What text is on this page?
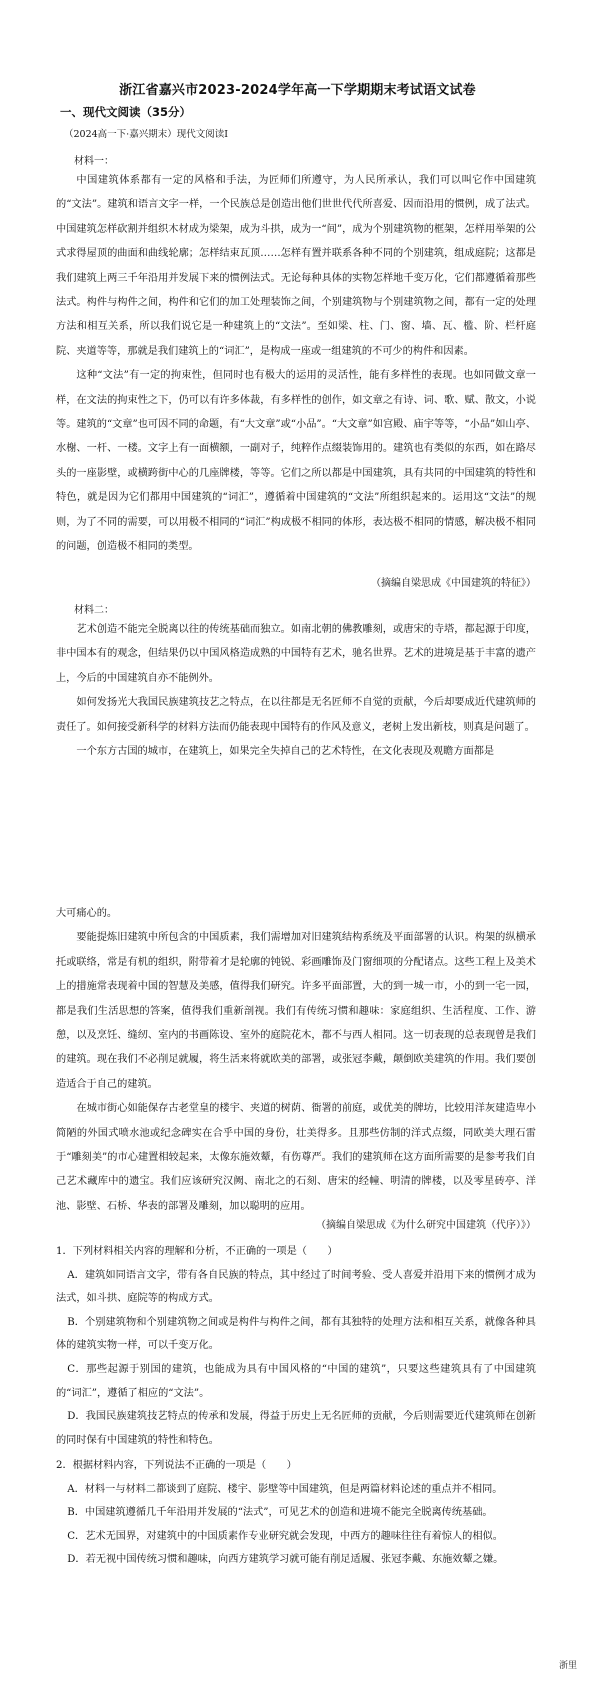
浙江省嘉兴市2023-2024学年高一下学期期末考试语文试卷
一、现代文阅读（35分）
（2024高一下·嘉兴期末）现代文阅读I
材料一：

中国建筑体系都有一定的风格和手法，为匠师们所遵守，为人民所承认，我们可以叫它作中国建筑的“文法”。建筑和语言文字一样，一个民族总是创造出他们世世代代所喜爱、因而沿用的惯例，成了法式。中国建筑怎样砍割并组织木材成为梁架，成为斗拱，成为一“间”，成为个别建筑物的框架，怎样用举架的公式求得屋顶的曲面和曲线轮廓；怎样结束瓦顶……怎样有置并联系各种不同的个别建筑，组成庭院；这都是我们建筑上两三千年沿用并发展下来的惯例法式。无论每种具体的实物怎样地千变万化，它们都遵循着那些法式。构件与构件之间，构件和它们的加工处理装饰之间，个别建筑物与个别建筑物之间，都有一定的处理方法和相互关系，所以我们说它是一种建筑上的“文法”。至如梁、柱、门、窗、墙、瓦、槛、阶、栏杆庭院、夹道等等，那就是我们建筑上的“词汇”，是构成一座或一组建筑的不可少的构件和因素。

这种“文法”有一定的拘束性，但同时也有极大的运用的灵活性，能有多样性的表现。也如同做文章一样，在文法的拘束性之下，仍可以有许多体裁，有多样性的创作，如文章之有诗、词、歌、赋、散文，小说等。建筑的“文章”也可因不同的命题，有“大文章”或“小品”。“大文章”如宫殿、庙宇等等，“小品”如山亭、水榭、一杆、一楼。文字上有一面横额，一副对子，纯粹作点缀装饰用的。建筑也有类似的东西，如在路尽头的一座影壁，或横跨街中心的几座牌楼，等等。它们之所以都是中国建筑，具有共同的中国建筑的特性和特色，就是因为它们都用中国建筑的“词汇”，遵循着中国建筑的“文法”所组织起来的。运用这“文法”的规则，为了不同的需要，可以用极不相同的“词汇”构成极不相同的体形，表达极不相同的情感，解决极不相同的问题，创造极不相同的类型。

（摘编自梁思成《中国建筑的特征》）
材料二：

艺术创造不能完全脱离以往的传统基础而独立。如南北朝的佛教雕刻，或唐宋的寺塔，都起源于印度，非中国本有的观念，但结果仍以中国风格造成熟的中国特有艺术，驰名世界。艺术的进境是基于丰富的遗产上，今后的中国建筑自亦不能例外。

如何发扬光大我国民族建筑技艺之特点，在以往都是无名匠师不自觉的贡献，今后却要成近代建筑师的责任了。如何接受新科学的材料方法而仍能表现中国特有的作风及意义，老树上发出新枝，则真是问题了。

一个东方古国的城市，在建筑上，如果完全失掉自己的艺术特性，在文化表现及观瞻方面都是

大可痛心的。

要能提炼旧建筑中所包含的中国质素，我们需增加对旧建筑结构系统及平面部署的认识。构架的纵横承托或联络，常是有机的组织，附带着才是轮廓的钝锐、彩画雕饰及门窗细项的分配诸点。这些工程上及美术上的措施常表现着中国的智慧及美感，值得我们研究。许多平面部置，大的到一城一市，小的到一宅一园，都是我们生活思想的答案，值得我们重新剖视。我们有传统习惯和趣味：家庭组织、生活程度、工作、游憩，以及烹饪、缝纫、室内的书画陈设、室外的庭院花木，都不与西人相同。这一切表现的总表现曾是我们的建筑。现在我们不必削足就履，将生活来将就欧美的部署，或张冠李戴，颠倒欧美建筑的作用。我们要创造适合于自己的建筑。

在城市街心如能保存古老堂皇的楼宇、夹道的树荫、衙署的前庭，或优美的牌坊，比较用洋灰建造卑小简陋的外国式喷水池或纪念碑实在合乎中国的身份，壮美得多。且那些仿制的洋式点缀，同欧美大理石雷于“雕刻美”的市心建置相较起来，太像东施效颦，有伤尊严。我们的建筑师在这方面所需要的是参考我们自己艺术藏库中的遗宝。我们应该研究汉阙、南北之的石刻、唐宋的经幢、明清的牌楼，以及零星砖亭、洋池、影壁、石桥、华表的部署及雕刻，加以聪明的应用。

（摘编自梁思成《为什么研究中国建筑（代序）》）

1．下列材料相关内容的理解和分析，不正确的一项是（　　）

A．建筑如同语言文字，带有各自民族的特点，其中经过了时间考验、受人喜爱并沿用下来的惯例才成为法式，如斗拱、庭院等的构成方式。

B．个别建筑物和个别建筑物之间或是构件与构件之间，都有其独特的处理方法和相互关系，就像各种具体的建筑实物一样，可以千变万化。

C．那些起源于别国的建筑，也能成为具有中国风格的“中国的建筑”，只要这些建筑具有了中国建筑的“词汇”，遵循了相应的“文法”。

D．我国民族建筑技艺特点的传承和发展，得益于历史上无名匠师的贡献，今后则需要近代建筑师在创新的同时保有中国建筑的特性和特色。

2．根据材料内容，下列说法不正确的一项是（　　）

A．材料一与材料二都谈到了庭院、楼宇、影壁等中国建筑，但是两篇材料论述的重点并不相同。

B．中国建筑遵循几千年沿用并发展的“法式”，可见艺术的创造和进境不能完全脱离传统基础。

C．艺术无国界，对建筑中的中国质素作专业研究就会发现，中西方的趣味往往有着惊人的相似。

D．若无视中国传统习惯和趣味，向西方建筑学习就可能有削足适履、张冠李戴、东施效颦之嫌。

浙里
